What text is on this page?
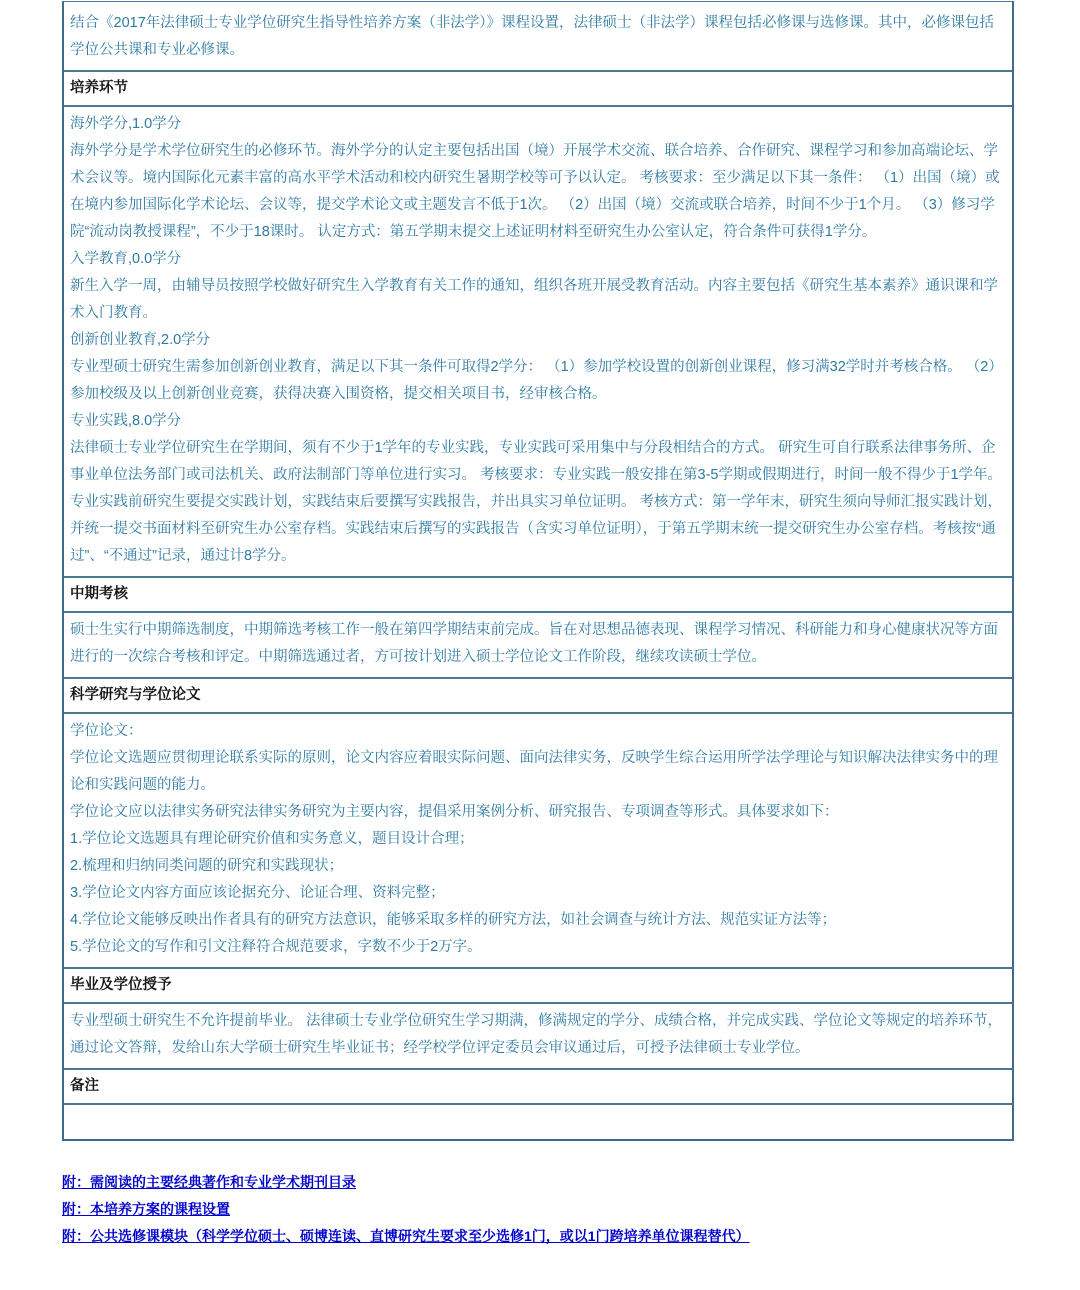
结合《2017年法律硕士专业学位研究生指导性培养方案（非法学）》课程设置，法律硕士（非法学）课程包括必修课与选修课。其中，必修课包括学位公共课和专业必修课。

培养环节

海外学分,1.0学分

海外学分是学术学位研究生的必修环节。海外学分的认定主要包括出国（境）开展学术交流、联合培养、合作研究、课程学习和参加高端论坛、学术会议等。境内国际化元素丰富的高水平学术活动和校内研究生暑期学校等可予以认定。 考核要求：至少满足以下其一条件： （1）出国（境）或在境内参加国际化学术论坛、会议等，提交学术论文或主题发言不低于1次。 （2）出国（境）交流或联合培养，时间不少于1个月。 （3）修习学院“流动岗教授课程”，不少于18课时。 认定方式：第五学期末提交上述证明材料至研究生办公室认定，符合条件可获得1学分。

入学教育,0.0学分

新生入学一周，由辅导员按照学校做好研究生入学教育有关工作的通知，组织各班开展受教育活动。内容主要包括《研究生基本素养》通识课和学术入门教育。

创新创业教育,2.0学分

专业型硕士研究生需参加创新创业教育，满足以下其一条件可取得2学分： （1）参加学校设置的创新创业课程，修习满32学时并考核合格。 （2）参加校级及以上创新创业竞赛，获得决赛入围资格，提交相关项目书，经审核合格。

专业实践,8.0学分

法律硕士专业学位研究生在学期间，须有不少于1学年的专业实践，专业实践可采用集中与分段相结合的方式。 研究生可自行联系法律事务所、企事业单位法务部门或司法机关、政府法制部门等单位进行实习。 考核要求：专业实践一般安排在第3-5学期或假期进行，时间一般不得少于1学年。专业实践前研究生要提交实践计划，实践结束后要撰写实践报告，并出具实习单位证明。 考核方式：第一学年末，研究生须向导师汇报实践计划，并统一提交书面材料至研究生办公室存档。实践结束后撰写的实践报告（含实习单位证明），于第五学期末统一提交研究生办公室存档。考核按“通过”、“不通过”记录，通过计8学分。

中期考核

硕士生实行中期筛选制度，中期筛选考核工作一般在第四学期结束前完成。旨在对思想品德表现、课程学习情况、科研能力和身心健康状况等方面进行的一次综合考核和评定。中期筛选通过者，方可按计划进入硕士学位论文工作阶段，继续攻读硕士学位。

科学研究与学位论文

学位论文：

学位论文选题应贯彻理论联系实际的原则，论文内容应着眼实际问题、面向法律实务，反映学生综合运用所学法学理论与知识解决法律实务中的理论和实践问题的能力。

学位论文应以法律实务研究法律实务研究为主要内容，提倡采用案例分析、研究报告、专项调查等形式。具体要求如下：

1.学位论文选题具有理论研究价值和实务意义，题目设计合理；

2.梳理和归纳同类问题的研究和实践现状；

3.学位论文内容方面应该论据充分、论证合理、资料完整；

4.学位论文能够反映出作者具有的研究方法意识，能够采取多样的研究方法，如社会调查与统计方法、规范实证方法等；

5.学位论文的写作和引文注释符合规范要求，字数不少于2万字。

毕业及学位授予

专业型硕士研究生不允许提前毕业。 法律硕士专业学位研究生学习期满，修满规定的学分、成绩合格，并完成实践、学位论文等规定的培养环节，通过论文答辩，发给山东大学硕士研究生毕业证书；经学校学位评定委员会审议通过后，可授予法律硕士专业学位。

备注

附：需阅读的主要经典著作和专业学术期刊目录
附：本培养方案的课程设置
附：公共选修课模块（科学学位硕士、硕博连读、直博研究生要求至少选修1门，或以1门跨培养单位课程替代）
